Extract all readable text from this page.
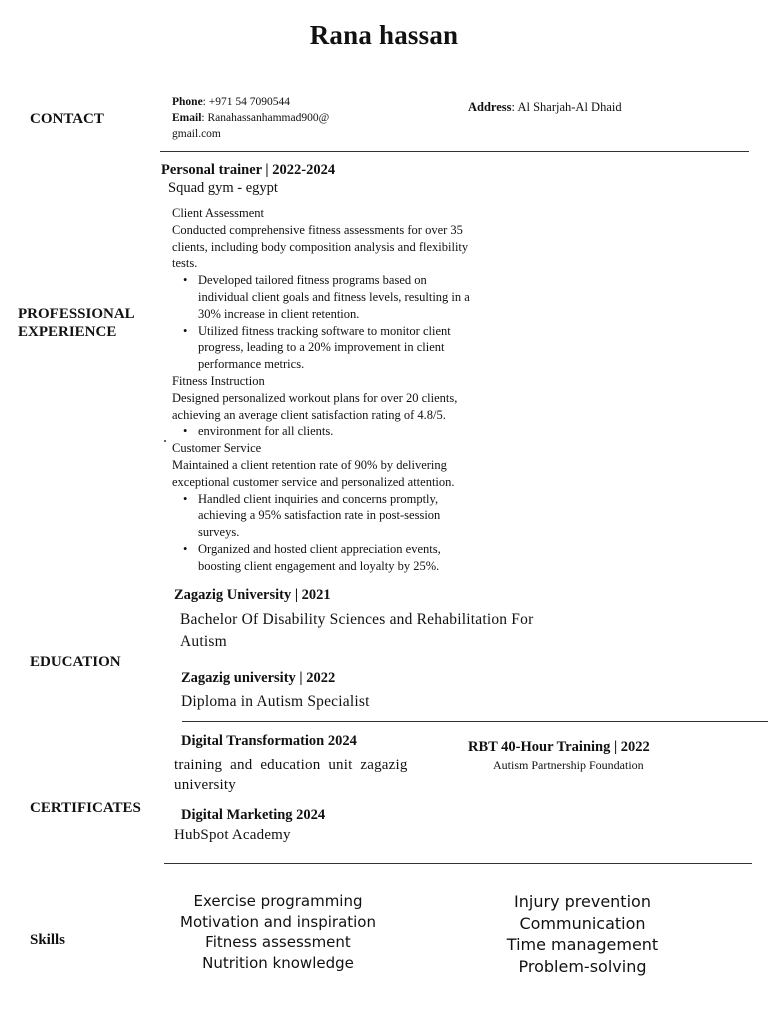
Rana hassan
CONTACT
Phone: +971 54 7090544
Email: Ranahassanhammad900@
gmail.com
Address: Al Sharjah-Al Dhaid
PROFESSIONAL
EXPERIENCE
Personal trainer | 2022-2024
Squad gym - egypt
Client Assessment
Conducted comprehensive fitness assessments for over 35
clients, including body composition analysis and flexibility
tests.
• Developed tailored fitness programs based on
individual client goals and fitness levels, resulting in a
30% increase in client retention.
• Utilized fitness tracking software to monitor client
progress, leading to a 20% improvement in client
performance metrics.
Fitness Instruction
Designed personalized workout plans for over 20 clients,
achieving an average client satisfaction rating of 4.8/5.
• environment for all clients.
Customer Service
Maintained a client retention rate of 90% by delivering
exceptional customer service and personalized attention.
• Handled client inquiries and concerns promptly,
achieving a 95% satisfaction rate in post-session
surveys.
• Organized and hosted client appreciation events,
boosting client engagement and loyalty by 25%.
EDUCATION
Zagazig University | 2021
Bachelor Of Disability Sciences and Rehabilitation For
Autism
Zagazig university | 2022
Diploma in Autism Specialist
CERTIFICATES
Digital Transformation 2024
training  and  education  unit  zagazig
university
Digital Marketing 2024
HubSpot Academy
RBT 40-Hour Training | 2022
Autism Partnership Foundation
Skills
Exercise programming
Motivation and inspiration
Fitness assessment
Nutrition knowledge
Injury prevention
Communication
Time management
Problem-solving
